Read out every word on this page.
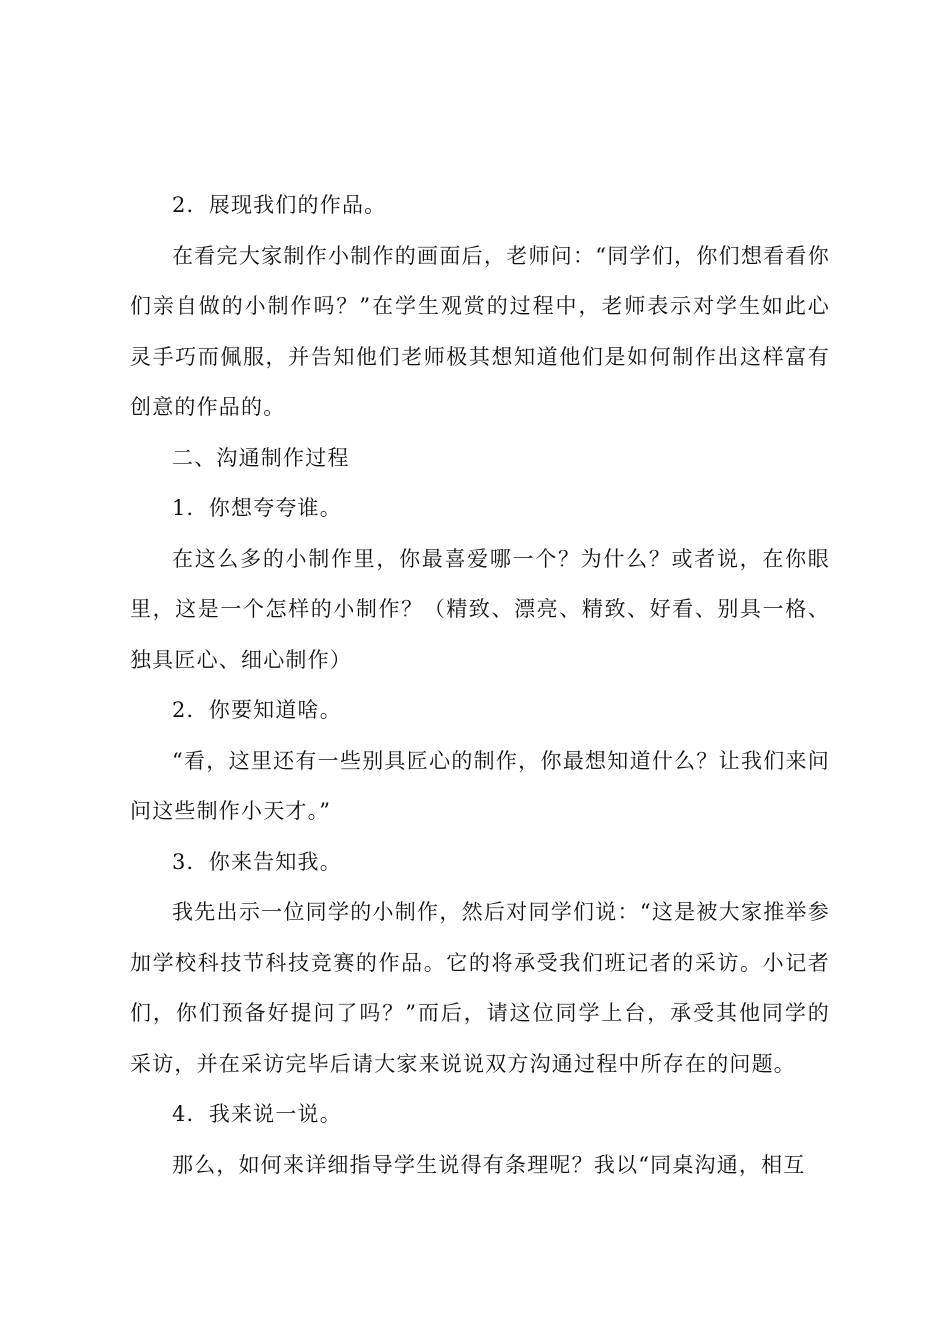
2．展现我们的作品。

在看完大家制作小制作的画面后，老师问：“同学们，你们想看看你们亲自做的小制作吗？”在学生观赏的过程中，老师表示对学生如此心灵手巧而佩服，并告知他们老师极其想知道他们是如何制作出这样富有创意的作品的。

二、沟通制作过程

1．你想夸夸谁。

在这么多的小制作里，你最喜爱哪一个？为什么？或者说，在你眼里，这是一个怎样的小制作？（精致、漂亮、精致、好看、别具一格、独具匠心、细心制作）

2．你要知道啥。

“看，这里还有一些别具匠心的制作，你最想知道什么？让我们来问问这些制作小天才。”

3．你来告知我。

我先出示一位同学的小制作，然后对同学们说：“这是被大家推举参加学校科技节科技竞赛的作品。它的将承受我们班记者的采访。小记者们，你们预备好提问了吗？”而后，请这位同学上台，承受其他同学的采访，并在采访完毕后请大家来说说双方沟通过程中所存在的问题。

4．我来说一说。

那么，如何来详细指导学生说得有条理呢？我以“同桌沟通，相互
